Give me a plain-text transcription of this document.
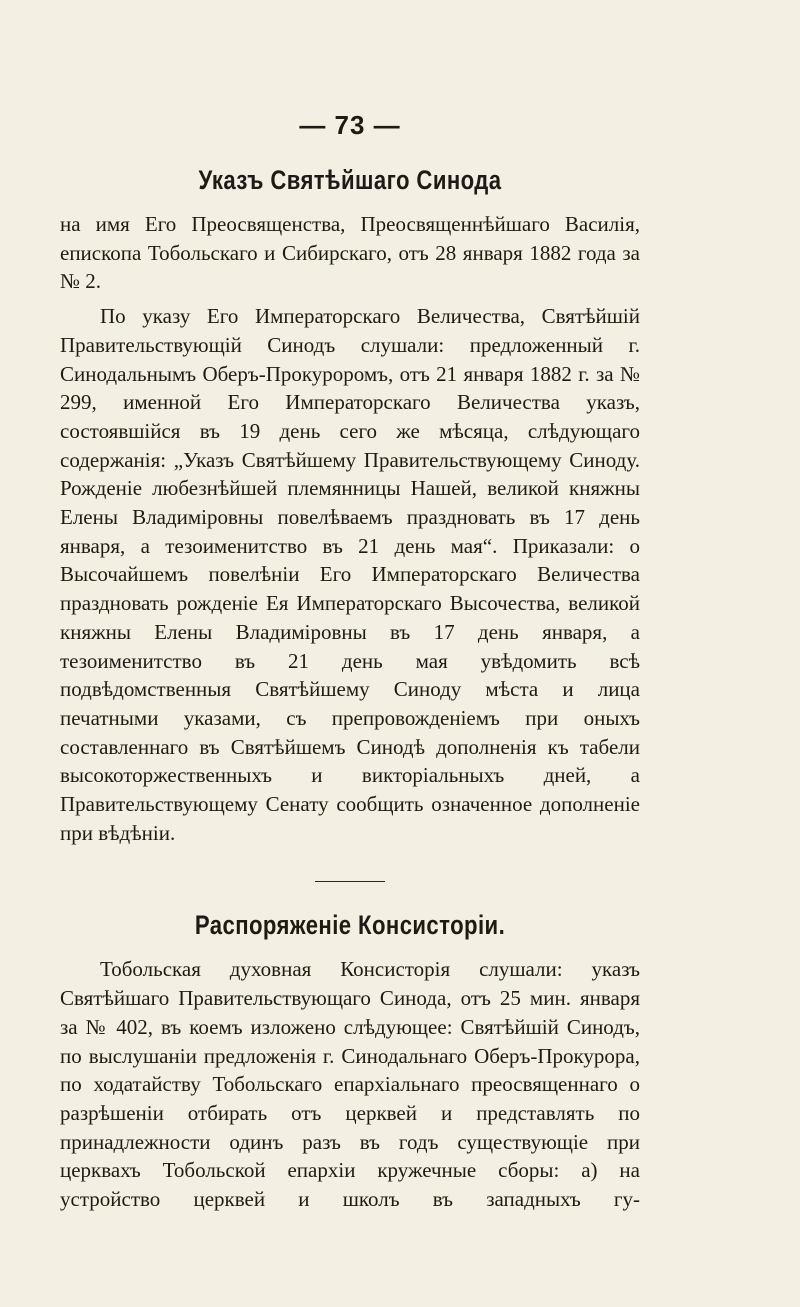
— 73 —
Указъ Святѣйшаго Синода

на имя Его Преосвященства, Преосвященнѣйшаго Василія, епископа Тобольскаго и Сибирскаго, отъ 28 января 1882 года за № 2.

По указу Его Императорскаго Величества, Святѣйшій Правительствующій Синодъ слушали: предложенный г. Синодальнымъ Оберъ-Прокуроромъ, отъ 21 января 1882 г. за № 299, именной Его Императорскаго Величества указъ, состоявшійся въ 19 день сего же мѣсяца, слѣдующаго содержанія: „Указъ Святѣйшему Правительствующему Синоду. Рожденіе любезнѣйшей племянницы Нашей, великой княжны Елены Владиміровны повелѣваемъ праздновать въ 17 день января, а тезоименитство въ 21 день мая“. Приказали: о Высочайшемъ повелѣніи Его Императорскаго Величества праздновать рожденіе Ея Императорскаго Высочества, великой княжны Елены Владиміровны въ 17 день января, а тезоименитство въ 21 день мая увѣдомить всѣ подвѣдомственныя Святѣйшему Синоду мѣста и лица печатными указами, съ препровожденіемъ при оныхъ составленнаго въ Святѣйшемъ Синодѣ дополненія къ табели высокоторжественныхъ и викторіальныхъ дней, а Правительствующему Сенату сообщить означенное дополненіе при вѣдѣніи.

Распоряженіе Консисторіи.

Тобольская духовная Консисторія слушали: указъ Святѣйшаго Правительствующаго Синода, отъ 25 мин. января за № 402, въ коемъ изложено слѣдующее: Святѣйшій Синодъ, по выслушаніи предложенія г. Синодальнаго Оберъ-Прокурора, по ходатайству Тобольскаго епархіальнаго преосвященнаго о разрѣшеніи отбирать отъ церквей и представлять по принадлежности одинъ разъ въ годъ существующіе при церквахъ Тобольской епархіи кружечные сборы: а) на устройство церквей и школъ въ западныхъ гу-
